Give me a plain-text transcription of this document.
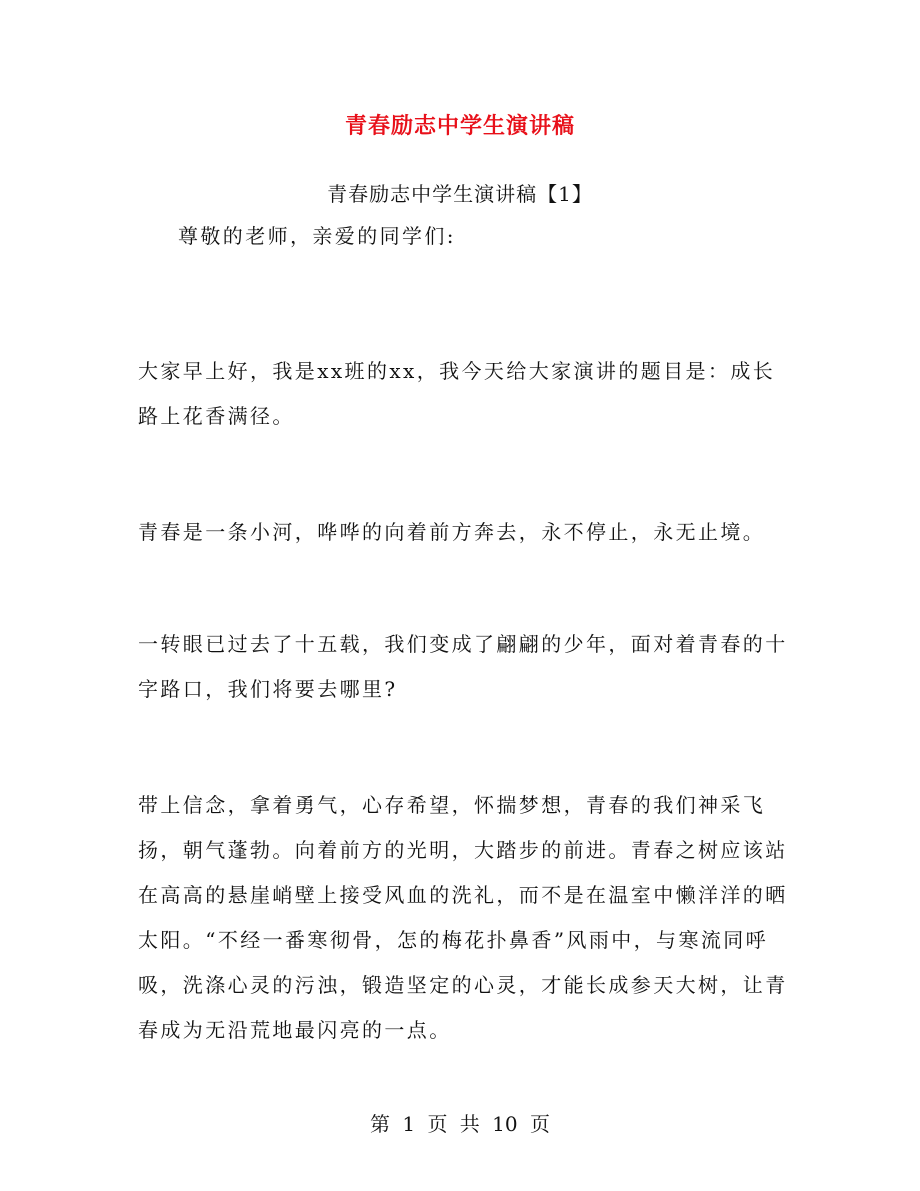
青春励志中学生演讲稿
青春励志中学生演讲稿【1】

尊敬的老师，亲爱的同学们:

大家早上好，我是xx班的xx，我今天给大家演讲的题目是：成长路上花香满径。

青春是一条小河，哗哗的向着前方奔去，永不停止，永无止境。

一转眼已过去了十五载，我们变成了翩翩的少年，面对着青春的十字路口，我们将要去哪里?

带上信念，拿着勇气，心存希望，怀揣梦想，青春的我们神采飞扬，朝气蓬勃。向着前方的光明，大踏步的前进。青春之树应该站在高高的悬崖峭壁上接受风血的洗礼，而不是在温室中懒洋洋的晒太阳。“不经一番寒彻骨，怎的梅花扑鼻香”风雨中，与寒流同呼吸，洗涤心灵的污浊，锻造坚定的心灵，才能长成参天大树，让青春成为无沿荒地最闪亮的一点。

第 1 页 共 10 页
